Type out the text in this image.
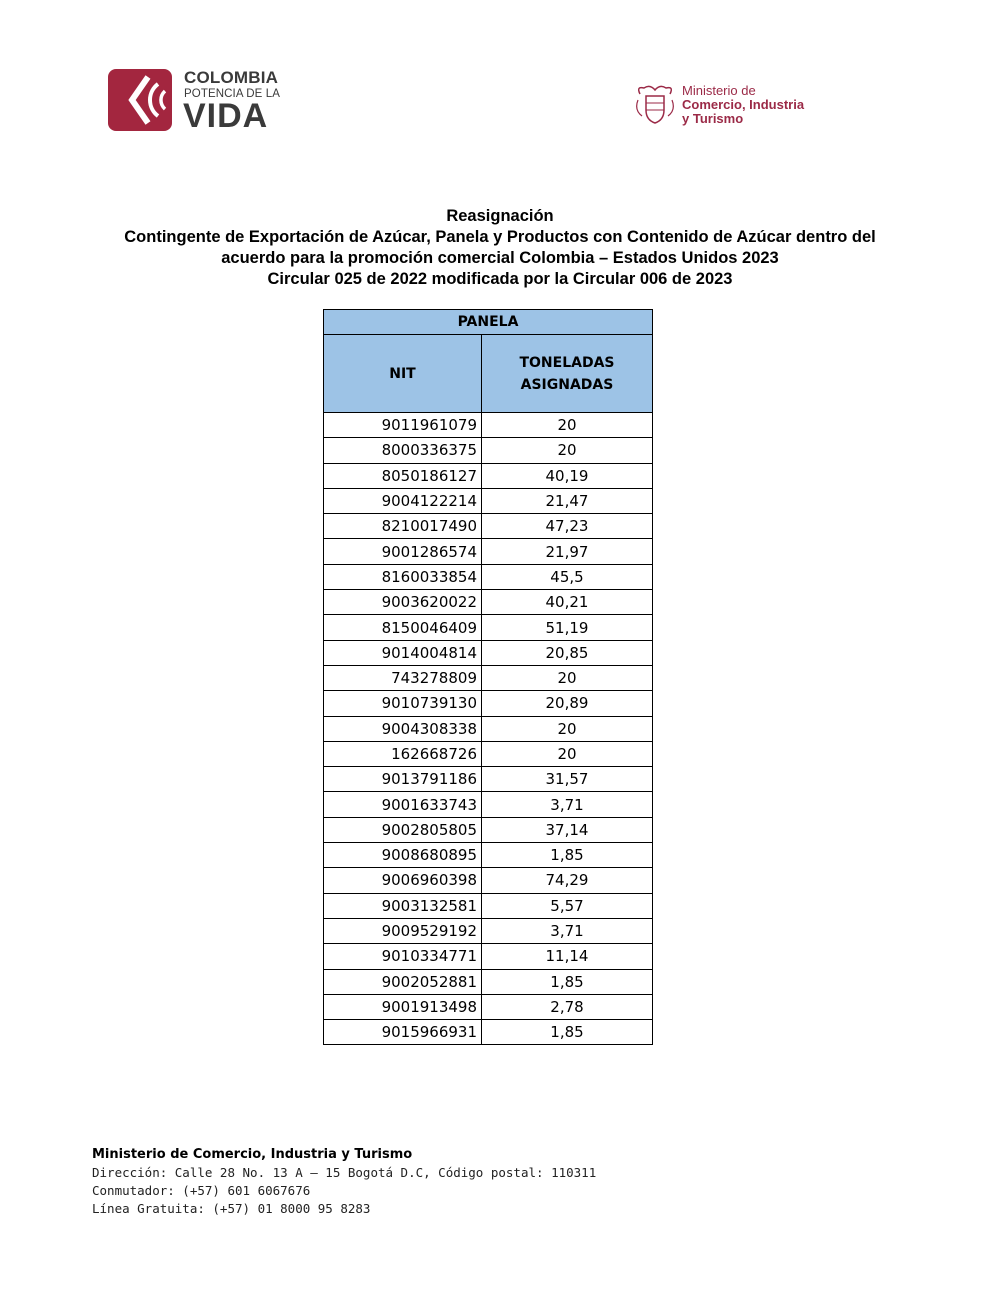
COLOMBIA
POTENCIA DE LA
VIDA
Ministerio de
Comercio, Industria
y Turismo
Reasignación
Contingente de Exportación de Azúcar, Panela y Productos con Contenido de Azúcar dentro del
acuerdo para la promoción comercial Colombia – Estados Unidos 2023
Circular 025 de 2022 modificada por la Circular 006 de 2023
PANELA	
NIT	TONELADAS
ASIGNADAS
9011961079	20
8000336375	20
8050186127	40,19
9004122214	21,47
8210017490	47,23
9001286574	21,97
8160033854	45,5
9003620022	40,21
8150046409	51,19
9014004814	20,85
743278809	20
9010739130	20,89
9004308338	20
162668726	20
9013791186	31,57
9001633743	3,71
9002805805	37,14
9008680895	1,85
9006960398	74,29
9003132581	5,57
9009529192	3,71
9010334771	11,14
9002052881	1,85
9001913498	2,78
9015966931	1,85
Ministerio de Comercio, Industria y Turismo
Dirección: Calle 28 No. 13 A – 15 Bogotá D.C, Código postal: 110311
Conmutador: (+57) 601 6067676
Línea Gratuita: (+57) 01 8000 95 8283
